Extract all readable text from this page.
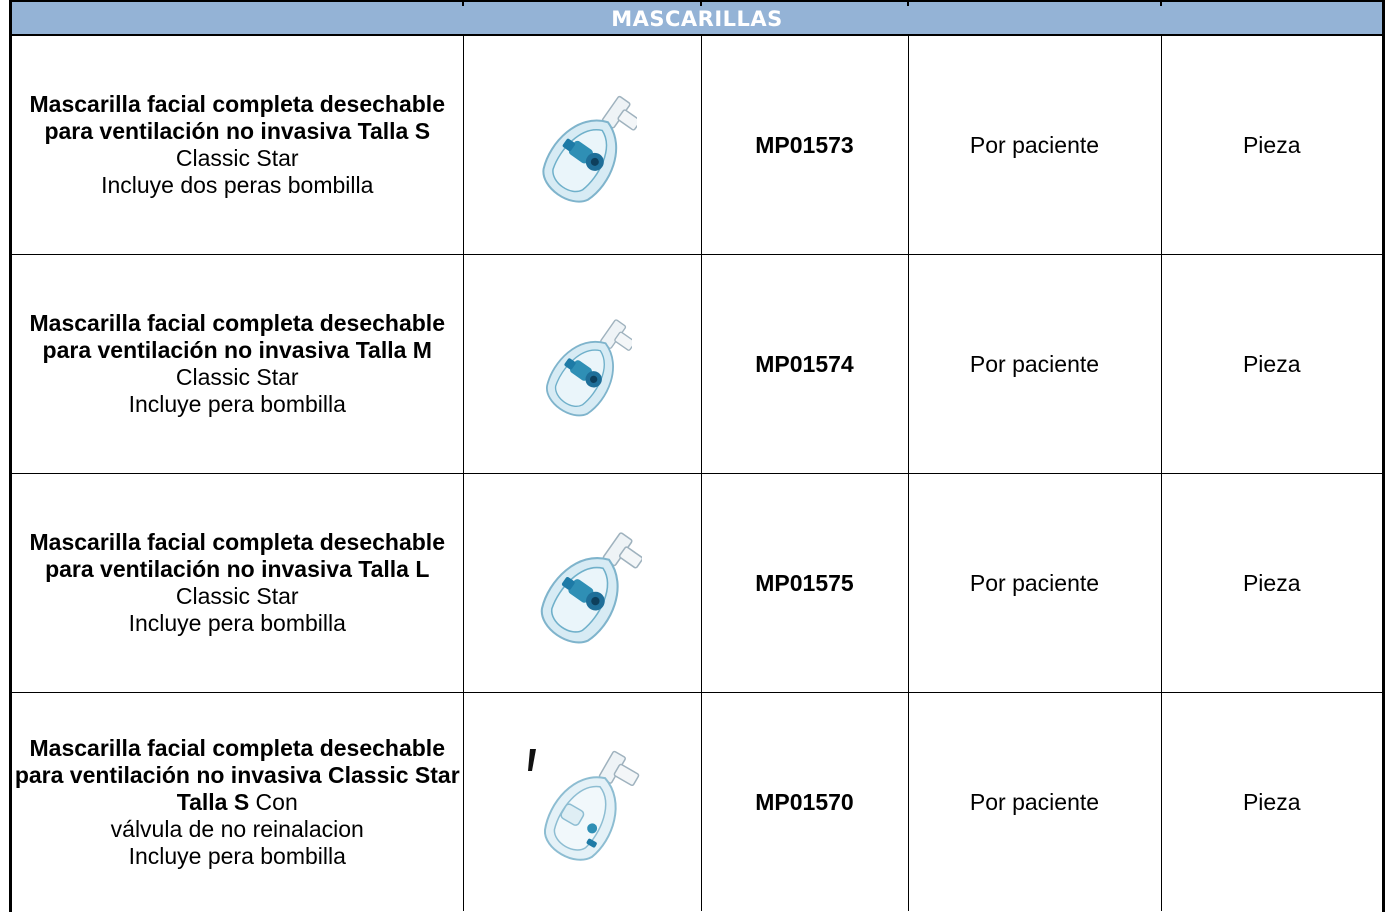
MASCARILLAS
Mascarilla facial completa desechable para ventilación no invasiva Talla S
Classic Star
Incluye dos peras bombilla		MP01573	Por paciente	Pieza

Mascarilla facial completa desechable para ventilación no invasiva Talla M
Classic Star
Incluye pera bombilla		MP01574	Por paciente	Pieza

Mascarilla facial completa desechable para ventilación no invasiva Talla L
Classic Star
Incluye pera bombilla		MP01575	Por paciente	Pieza

Mascarilla facial completa desechable para ventilación no invasiva Classic Star Talla S Con
válvula de no reinalacion
Incluye pera bombilla		MP01570	Por paciente	Pieza
